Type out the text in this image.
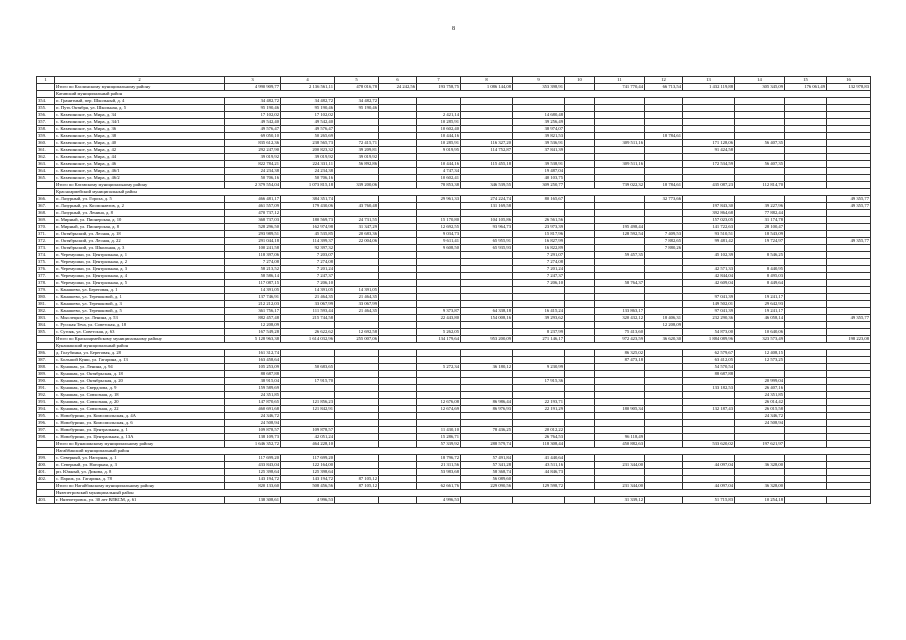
8
1	2	3	4	5	6	7	8	9	10	11	12	13	14	15	16
	Итого по Каслинскому муниципальному району	4 990 909,77	2 136 561,11	478 016,78	24 242,56	193 758,75	1 086 144,08	353 398,91		741 770,44	66 713,54	1 432 119,88	305 345,09	176 061,49	132 978,83
	Катавский муниципальный район														
354.	п. Гранитный, пер. Школьный, д. 4	34 482,72	34 482,72	34 482,72											
355.	п. Путь Октября, ул. Школьная, д. 5	95 190,46	95 190,46	95 190,46											
356.	с. Казачинское, ул. Мира, д. 34	17 102,02	17 102,02			2 421,14		14 680,48							
357.	с. Казачинское, ул. Мира, д. 34/1	49 542,40	49 542,40			10 285,91		39 256,49							
358.	с. Казачинское, ул. Мира, д. 36	49 576,47	49 576,47			10 602,40		38 974,07							
359.	с. Казачинское, ул. Мира, д. 38	69 050,10	50 265,69			10 444,16		39 821,53			18 784,61				
360.	с. Казачинское, ул. Мира, д. 40	835 612,36	238 565,73	72 415,71		10 285,91	116 327,20	39 536,91		309 511,16		171 128,06	56 407,35		
361.	с. Казачинское, ул. Мира, д. 42	292 247,90	200 823,32	39 209,81		9 019,95	114 752,87	37 841,39				91 424,58			
362.	с. Казачинское, ул. Мира, д. 44	39 019,92	39 019,92	39 019,92											
363.	с. Казачинское, ул. Мира, д. 46	822 784,21	224 331,11	56 892,86		10 444,16	115 455,18	39 538,91		309 511,16		172 534,59	56 407,35		
364.	с. Казачинское, ул. Мира, д. 46/1	24 234,38	24 234,38			4 747,34		19 487,04							
365.	с. Казачинское, ул. Мира, д. 46/2	50 706,16	50 706,16			10 602,41		40 103,75							
	Итого по Катавскому муниципальному району	2 379 554,04	1 073 815,18	339 200,06		78 853,38	346 539,55	309 250,77		739 022,32	18 784,61	435 087,23	112 814,70		
	Красноармейский муниципальный район														
366.	п. Лазурный, ул. Гороха, д. 5	466 481,17	384 351,74			29 961,33	274 224,74	80 165,67			32 773,66				49 355,77
367.	п. Лазурный, ул. Космонавтов, д. 2	461 557,09	179 430,06	43 760,48			131 169,58					197 843,30	39 227,96		49 355,77
368.	п. Лазурный, ул. Ленина, д. 8	470 737,12										392 864,68	77 882,44		
369.	п. Мирный, ул. Пионерская, д. 10	368 737,03	180 569,73	24 731,55		15 170,80	104 105,86	26 561,56				157 023,05	31 174,78		
370.	п. Мирный, ул. Пионерская, д. 8	528 296,50	162 974,98	31 347,29		12 692,55	93 964,73	23 973,39		195 498,44		141 722,63	28 100,47		
371.	п. Октябрьский, ул. Лесная, д. 18	293 989,51	45 535,85	20 683,36		9 034,73		15 817,96		128 592,54	7 409,53	93 510,51	18 543,09		
372.	п. Октябрьский, ул. Лесная, д. 22	291 044,18	114 399,37	22 004,06		9 611,41	65 955,91	16 827,99			7 882,65	99 481,42	19 724,97		49 355,77
373.	п. Октябрьский, ул. Школьная, д. 3	100 241,58	92 397,32			9 608,50	65 935,93	16 822,89			7 880,26				
374.	п. Черемушки, ул. Центральная, д. 1	118 397,06	7 203,07					7 291,07		59 457,35		45 102,39	8 546,25		
375.	п. Черемушки, ул. Центральная, д. 2	7 274,08	7 274,08					7 274,08							
376.	п. Черемушки, ул. Центральная, д. 3	58 213,52	7 201,24					7 201,24				42 571,33	8 440,95		
377.	п. Черемушки, ул. Центральная, д. 4	58 586,14	7 247,37					7 247,37				42 844,04	8 495,03		
378.	п. Черемушки, ул. Центральная, д. 5	117 087,15	7 206,10					7 206,10		58 764,37		42 609,04	8 449,64		
379.	с. Канашево, ул. Береговая, д. 1	14 391,05	14 391,05	14 391,05											
380.	с. Канашево, ул. Терешковой, д. 1	137 746,91	21 464,35	21 464,35								97 041,39	19 241,17		
381.	с. Канашево, ул. Терешковой, д. 3	212 212,03	33 067,99	33 067,99								149 502,01	29 642,93		
382.	с. Канашево, ул. Терешковой, д. 5	361 756,17	111 593,44	21 464,35		9 373,87	64 338,18	16 415,24		133 863,17		97 041,39	19 241,17		
383.	с. Мыслецкое, ул. Ленина, д. 53	882 457,48	215 744,58			22 443,80	154 008,16	39 293,62		320 432,12	18 406,31	232 290,36	46 058,14		49 355,77
384.	с. Русская Теча, ул. Советская, д. 18	12 208,09									12 208,09				
385.	с. Сугояк, ул. Советская, д. 63	167 549,28	26 622,62	12 692,58		5 262,05		8 237,99		75 413,60		54 873,00	10 640,06		
	Итого по Красноармейскому муниципальному району	5 128 963,38	1 614 032,96	255 007,06		134 179,64	953 200,09	271 146,17		972 423,59	36 620,30	1 884 089,96	323 573,49		198 223,08
	Кунашакский муниципальный район														
386.	д. Голубинка, ул. Береговая, д. 28	161 312,74								86 325,02		62 579,67	12 408,15		
387.	с. Большой Куяш, ул. Гагарина, д. 13	163 458,64								87 473,18		63 412,05	12 573,25		
388.	с. Кунашак, ул. Ленина, д. 94	105 253,09	50 683,65			5 272,34	36 180,12	9 230,99				54 570,54			
389.	с. Кунашак, ул. Октябрьская, д. 18	88 687,88										88 687,88			
390.	с. Кунашак, ул. Октябрьская, д. 20	38 915,04	17 915,70					17 915,36					20 999,04		
391.	с. Кунашак, ул. Свердлова, д. 9	159 589,69										133 182,53	26 407,16		
392.	с. Кунашак, ул. Совхозная, д. 18	24 351,85											24 351,85		
393.	с. Кунашак, ул. Совхозная, д. 20	147 870,65	121 856,23			12 676,08	86 986,44	22 193,71					26 014,42		
394.	с. Кунашак, ул. Совхозная, д. 22	460 691,68	121 842,91			12 674,69	86 976,93	22 191,29		180 905,34		132 187,43	26 015,58		
395.	с. Новобурино, ул. Комсомольская, д. 4А	24 346,72											24 346,72		
396.	с. Новобурино, ул. Комсомольская, д. 6	24 508,94											24 508,94		
397.	с. Новобурино, ул. Центральная, д. 1	109 878,57	109 878,57			11 430,10	78 436,25	20 012,22							
398.	с. Новобурино, ул. Центральная, д. 13А	138 109,73	42 051,24			15 286,71		26 764,53		96 118,49					
	Итого по Кунашакскому муниципальному району	1 646 352,72	464 228,10			57 339,92	288 579,74	118 308,44		450 882,63		533 620,02	197 621,97		
	Нагайбакский муниципальный район														
399.	с. Северный, ул. Нагорная, д. 1	117 699,20	117 699,20			18 796,72	57 491,84	41 440,64							
400.	п. Северный, ул. Нагорная, д. 3	433 843,04	122 164,00			21 311,56	57 341,28	43 511,16		231 344,00		44 097,04	36 328,00		
401.	рп. Южный, ул. Дикова, д. 8	125 398,64	125 398,64			53 983,68	58 368,74	44 846,73							
402.	с. Париж, ул. Гагарина, д. 78	143 194,72	143 194,72	87 105,12			56 089,60								
	Итого по Нагайбакскому муниципальному району	820 133,60	508 456,56	87 105,12		62 661,76	229 090,56	129 598,72		231 344,00		44 097,04	36 328,00		
	Нязепетровский муниципальный район														
403.	г. Нязепетровск, ул. 30 лет ВЛКСМ, д. 61	138 308,61	4 996,53			4 996,53				31 339,12		51 715,83	10 254,18		
